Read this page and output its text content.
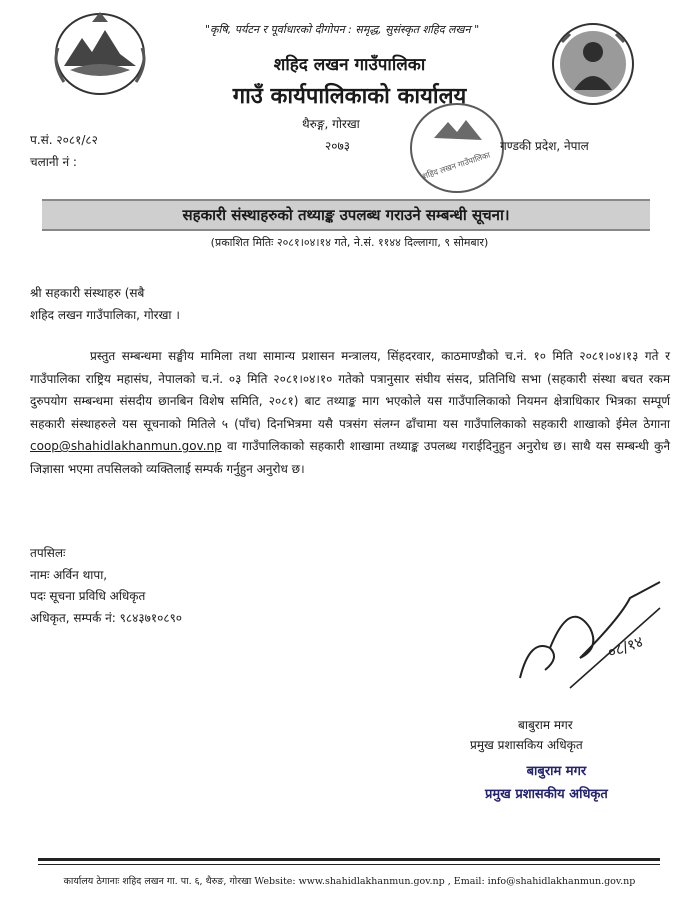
"कृषि, पर्यटन र पूर्वाधारको दीगोपन : समृद्ध, सुसंस्कृत शहिद लखन "
शहिद लखन गाउँपालिका
गाउँ कार्यपालिकाको कार्यालय
प.सं. २०८१/८२
चलानी नं :
थैरुङ्ग, गोरखा
२०७३
शहिद लखन गाउँपालिका
गण्डकी प्रदेश, नेपाल
सहकारी संस्थाहरुको तथ्याङ्क उपलब्ध गराउने सम्बन्धी सूचना।
(प्रकाशित मितिः २०८१।०४।१४ गते, ने.सं. ११४४ दिल्लागा, ९ सोमबार)
श्री सहकारी संस्थाहरु (सबै
शहिद लखन गाउँपालिका, गोरखा ।
प्रस्तुत सम्बन्धमा सङ्घीय मामिला तथा सामान्य प्रशासन मन्त्रालय, सिंहदरवार, काठमाण्डौको च.नं. १० मिति २०८१।०४।१३ गते र गाउँपालिका राष्ट्रिय महासंघ, नेपालको च.नं. ०३ मिति २०८१।०४।१० गतेको पत्रानुसार संघीय संसद, प्रतिनिधि सभा (सहकारी संस्था बचत रकम दुरुपयोग सम्बन्धमा संसदीय छानबिन विशेष समिति, २०८१) बाट तथ्याङ्क माग भएकोले यस गाउँपालिकाको नियमन क्षेत्राधिकार भित्रका सम्पूर्ण सहकारी संस्थाहरुले यस सूचनाको मितिले ५ (पाँच) दिनभित्रमा यसै पत्रसंग संलग्न ढाँचामा यस गाउँपालिकाको सहकारी शाखाको ईमेल ठेगाना coop@shahidlakhanmun.gov.np वा गाउँपालिकाको सहकारी शाखामा तथ्याङ्क उपलब्ध गराईदिनुहुन अनुरोध छ। साथै यस सम्बन्धी कुनै जिज्ञासा भएमा तपसिलको व्यक्तिलाई सम्पर्क गर्नुहुन अनुरोध छ।
तपसिलः
नामः अर्विन थापा,
पदः सूचना प्रविधि अधिकृत
अधिकृत, सम्पर्क नं: ९८४३७१०८९०
०८/१४
बाबुराम मगर
प्रमुख प्रशासकिय अधिकृत
बाबुराम मगर
प्रमुख प्रशासकीय अधिकृत
कार्यालय ठेगानाः शहिद लखन गा. पा. ६, थैरुङ, गोरखा Website: www.shahidlakhanmun.gov.np , Email: info@shahidlakhanmun.gov.np
